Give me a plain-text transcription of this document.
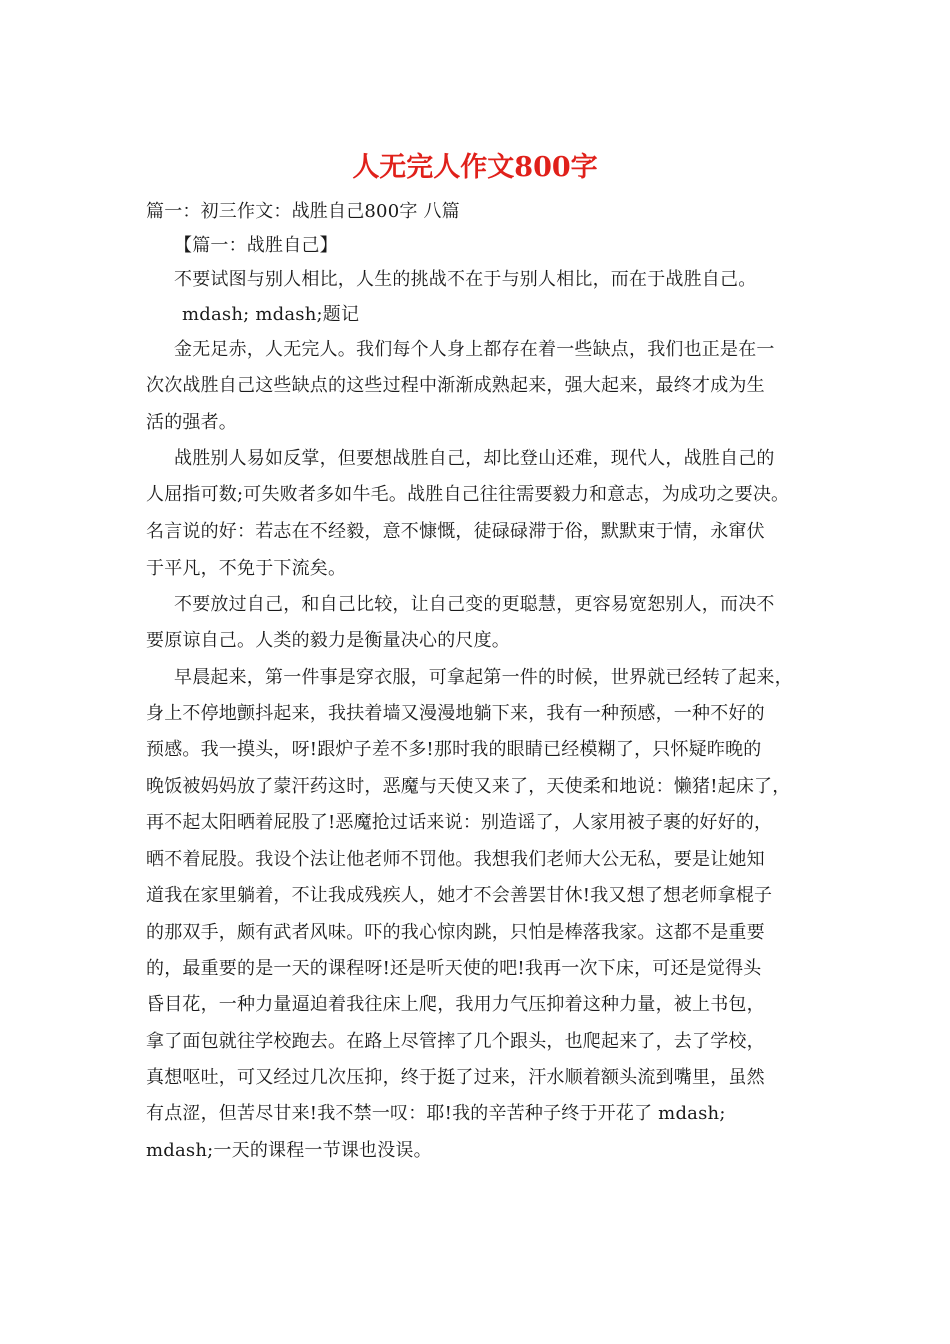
人无完人作文800字
篇一：初三作文：战胜自己800字 八篇
【篇一：战胜自己】
不要试图与别人相比，人生的挑战不在于与别人相比，而在于战胜自己。
mdash; mdash;题记
金无足赤，人无完人。我们每个人身上都存在着一些缺点，我们也正是在一
次次战胜自己这些缺点的这些过程中渐渐成熟起来，强大起来，最终才成为生
活的强者。
战胜别人易如反掌，但要想战胜自己，却比登山还难，现代人，战胜自己的
人屈指可数;可失败者多如牛毛。战胜自己往往需要毅力和意志，为成功之要决。
名言说的好：若志在不经毅，意不慷慨，徒碌碌滞于俗，默默束于情，永窜伏
于平凡，不免于下流矣。
不要放过自己，和自己比较，让自己变的更聪慧，更容易宽恕别人，而决不
要原谅自己。人类的毅力是衡量决心的尺度。
早晨起来，第一件事是穿衣服，可拿起第一件的时候，世界就已经转了起来，
身上不停地颤抖起来，我扶着墙又漫漫地躺下来，我有一种预感，一种不好的
预感。我一摸头，呀!跟炉子差不多!那时我的眼睛已经模糊了，只怀疑昨晚的
晚饭被妈妈放了蒙汗药这时，恶魔与天使又来了，天使柔和地说：懒猪!起床了，
再不起太阳晒着屁股了!恶魔抢过话来说：别造谣了，人家用被子裹的好好的，
晒不着屁股。我设个法让他老师不罚他。我想我们老师大公无私，要是让她知
道我在家里躺着，不让我成残疾人，她才不会善罢甘休!我又想了想老师拿棍子
的那双手，颇有武者风味。吓的我心惊肉跳，只怕是棒落我家。这都不是重要
的，最重要的是一天的课程呀!还是听天使的吧!我再一次下床，可还是觉得头
昏目花，一种力量逼迫着我往床上爬，我用力气压抑着这种力量，被上书包，
拿了面包就往学校跑去。在路上尽管摔了几个跟头，也爬起来了，去了学校，
真想呕吐，可又经过几次压抑，终于挺了过来，汗水顺着额头流到嘴里，虽然
有点涩，但苦尽甘来!我不禁一叹：耶!我的辛苦种子终于开花了 mdash;
mdash;一天的课程一节课也没误。
